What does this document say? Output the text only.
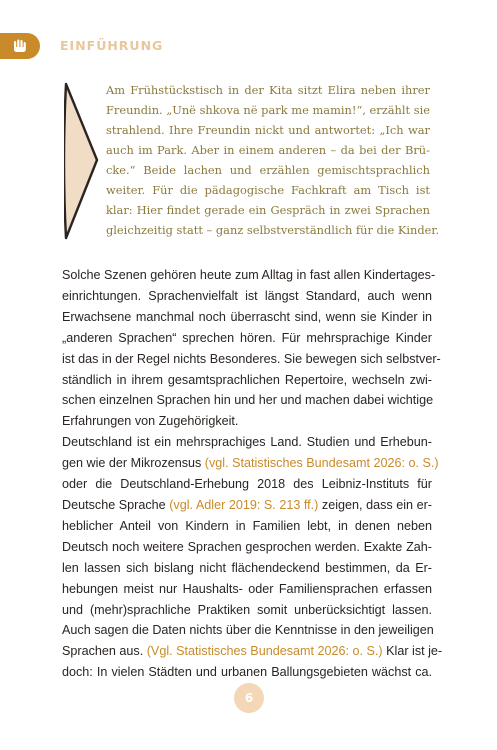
EINFÜHRUNG
Am Frühstückstisch in der Kita sitzt Elira neben ihrer
Freundin. „Unë shkova në park me mamin!“, erzählt sie
strahlend. Ihre Freundin nickt und antwortet: „Ich war
auch im Park. Aber in einem anderen – da bei der Brü-
cke.“ Beide lachen und erzählen gemischtsprachlich
weiter. Für die pädagogische Fachkraft am Tisch ist
klar: Hier findet gerade ein Gespräch in zwei Sprachen
gleichzeitig statt – ganz selbstverständlich für die Kinder.
Solche Szenen gehören heute zum Alltag in fast allen Kindertages-
einrichtungen. Sprachenvielfalt ist längst Standard, auch wenn
Erwachsene manchmal noch überrascht sind, wenn sie Kinder in
„anderen Sprachen“ sprechen hören. Für mehrsprachige Kinder
ist das in der Regel nichts Besonderes. Sie bewegen sich selbstver-
ständlich in ihrem gesamtsprachlichen Repertoire, wechseln zwi-
schen einzelnen Sprachen hin und her und machen dabei wichtige
Erfahrungen von Zugehörigkeit.
Deutschland ist ein mehrsprachiges Land. Studien und Erhebun-
gen wie der Mikrozensus (vgl. Statistisches Bundesamt 2026: o. S.)
oder die Deutschland-Erhebung 2018 des Leibniz-Instituts für
Deutsche Sprache (vgl. Adler 2019: S. 213 ff.) zeigen, dass ein er-
heblicher Anteil von Kindern in Familien lebt, in denen neben
Deutsch noch weitere Sprachen gesprochen werden. Exakte Zah-
len lassen sich bislang nicht flächendeckend bestimmen, da Er-
hebungen meist nur Haushalts- oder Familiensprachen erfassen
und (mehr)sprachliche Praktiken somit unberücksichtigt lassen.
Auch sagen die Daten nichts über die Kenntnisse in den jeweiligen
Sprachen aus. (Vgl. Statistisches Bundesamt 2026: o. S.) Klar ist je-
doch: In vielen Städten und urbanen Ballungsgebieten wächst ca.
6
